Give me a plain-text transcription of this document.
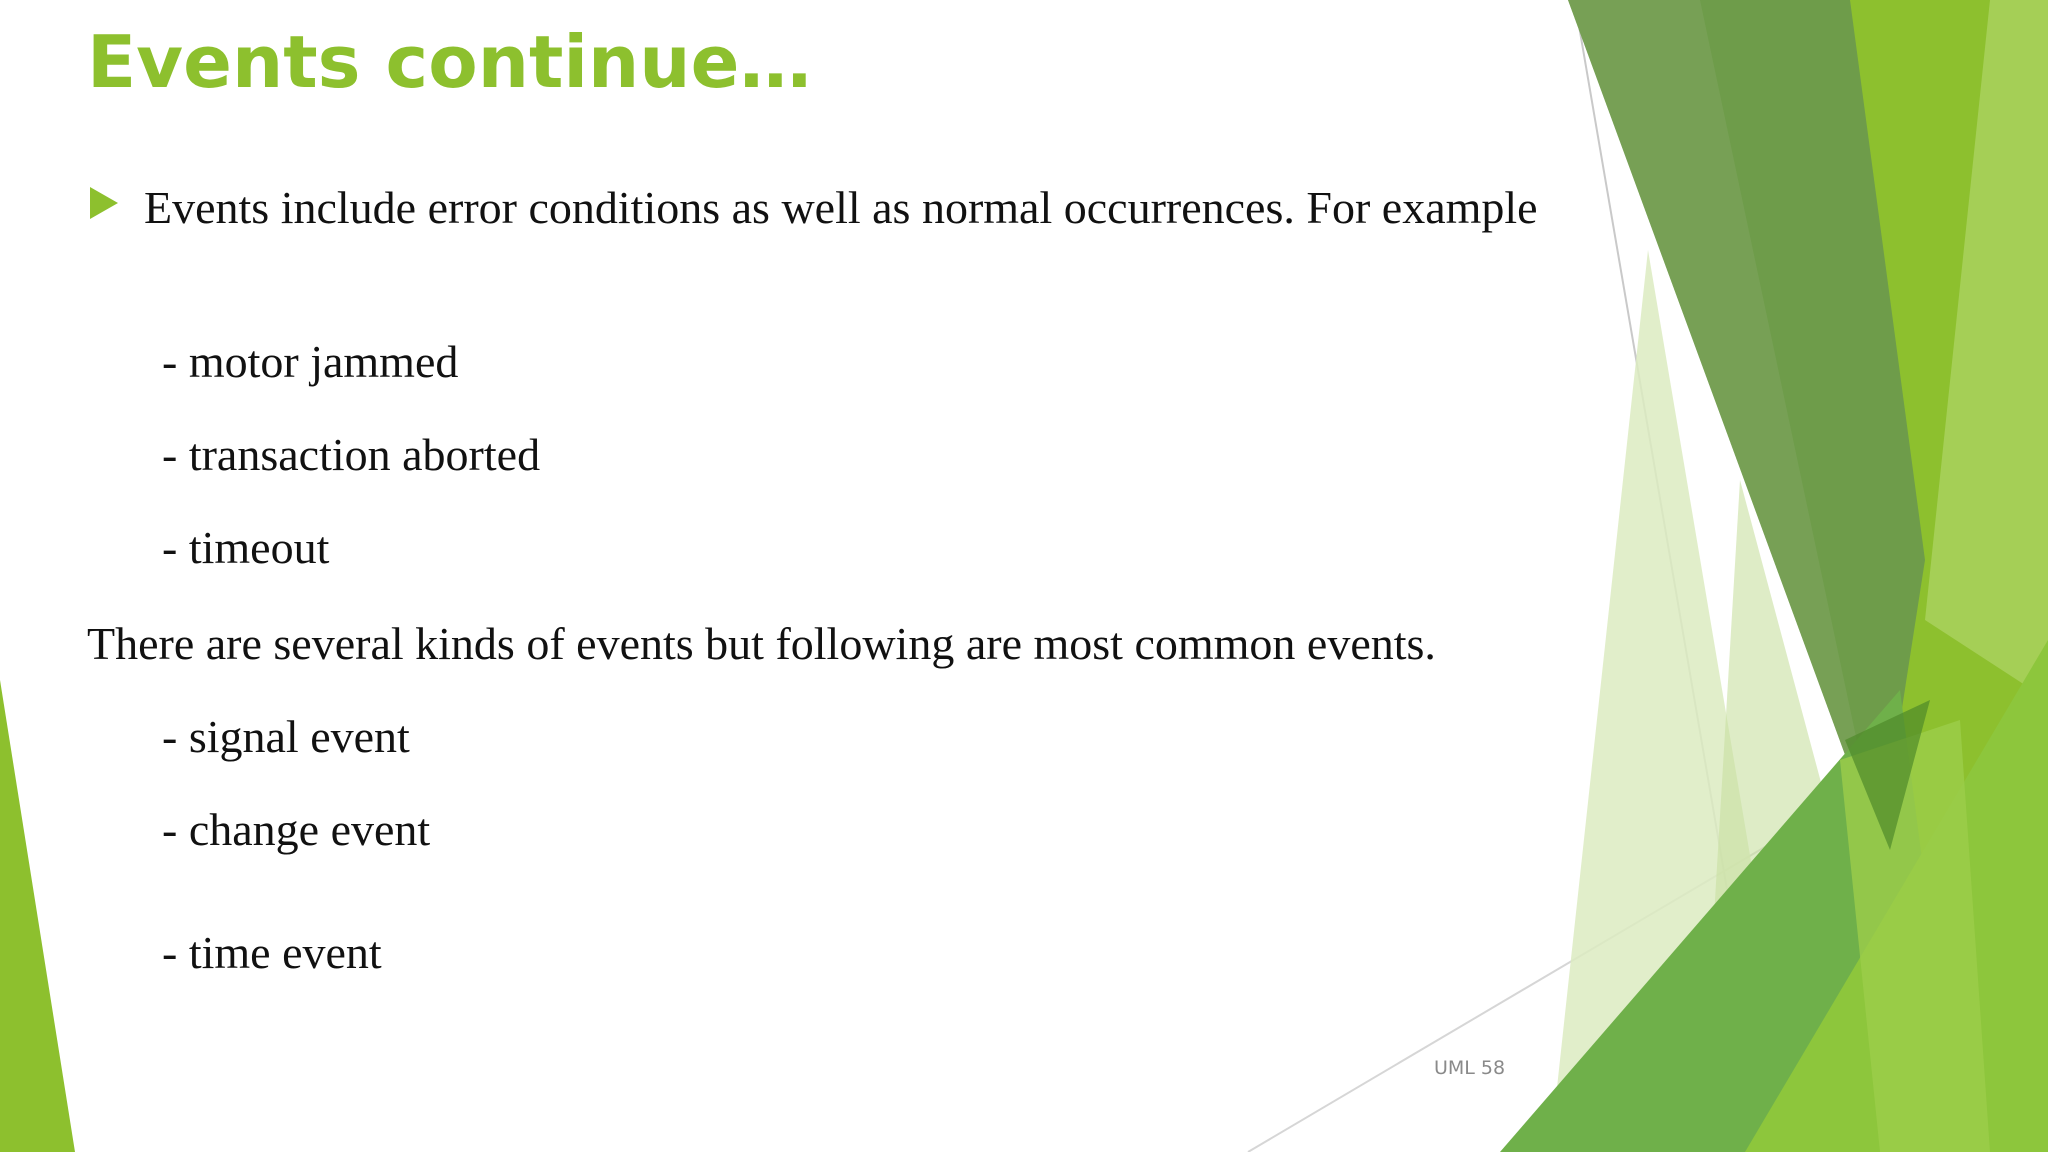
Events continue…

Events include error conditions as well as normal occurrences. For example

- motor jammed

- transaction aborted

- timeout

There are several kinds of events but following are most common events.

- signal event

- change event

- time event

UML 58
